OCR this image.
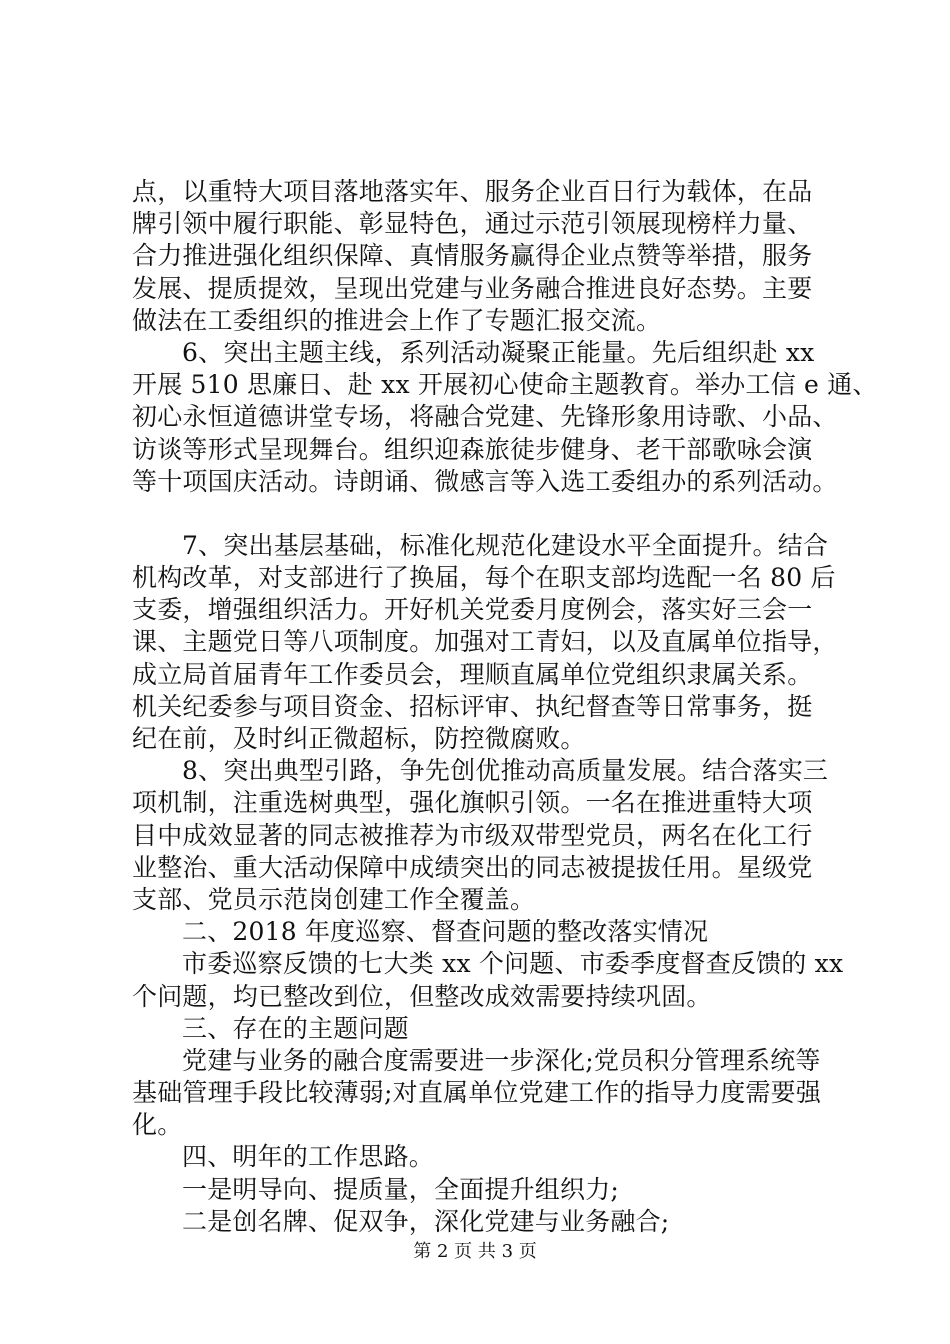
点，以重特大项目落地落实年、服务企业百日行为载体，在品
牌引领中履行职能、彰显特色，通过示范引领展现榜样力量、
合力推进强化组织保障、真情服务赢得企业点赞等举措，服务
发展、提质提效，呈现出党建与业务融合推进良好态势。主要
做法在工委组织的推进会上作了专题汇报交流。
6、突出主题主线，系列活动凝聚正能量。先后组织赴 xx
开展 510 思廉日、赴 xx 开展初心使命主题教育。举办工信 e 通、
初心永恒道德讲堂专场，将融合党建、先锋形象用诗歌、小品、
访谈等形式呈现舞台。组织迎森旅徒步健身、老干部歌咏会演
等十项国庆活动。诗朗诵、微感言等入选工委组办的系列活动。
7、突出基层基础，标准化规范化建设水平全面提升。结合
机构改革，对支部进行了换届，每个在职支部均选配一名 80 后
支委，增强组织活力。开好机关党委月度例会，落实好三会一
课、主题党日等八项制度。加强对工青妇，以及直属单位指导，
成立局首届青年工作委员会，理顺直属单位党组织隶属关系。
机关纪委参与项目资金、招标评审、执纪督查等日常事务，挺
纪在前，及时纠正微超标，防控微腐败。
8、突出典型引路，争先创优推动高质量发展。结合落实三
项机制，注重选树典型，强化旗帜引领。一名在推进重特大项
目中成效显著的同志被推荐为市级双带型党员，两名在化工行
业整治、重大活动保障中成绩突出的同志被提拔任用。星级党
支部、党员示范岗创建工作全覆盖。
二、2018 年度巡察、督查问题的整改落实情况
市委巡察反馈的七大类 xx 个问题、市委季度督查反馈的 xx
个问题，均已整改到位，但整改成效需要持续巩固。
三、存在的主题问题
党建与业务的融合度需要进一步深化;党员积分管理系统等
基础管理手段比较薄弱;对直属单位党建工作的指导力度需要强
化。
四、明年的工作思路。
一是明导向、提质量，全面提升组织力;
二是创名牌、促双争，深化党建与业务融合;
第 2 页 共 3 页
